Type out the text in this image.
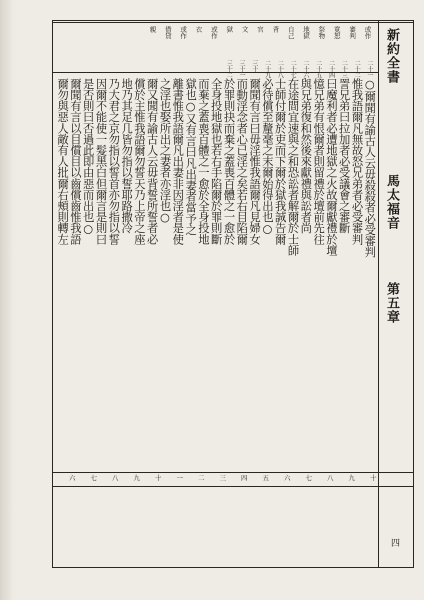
新約全書
馬太福音
第五章
四
或作
審判
寬恕
祭物
地獄
自己
背
官
文
獄
或作
衣
或作
借貸
親
○爾聞有諭古人云毋殺殺者必受審判
二十一
惟我語爾凡無故怒兄弟者必受審判
二十二
詈兄弟曰拉加者必受議會之審斷
二十三
曰魔利者必遭地獄之火故爾獻禮於壇
二十四
憶兄弟有恨爾者則留禮於壇前先往
二十五
與兄弟復和然後來獻禮與訟者尚
二十六
在途間宜速與之和恐訟者解爾於士師
二十七
士師付爾於吏而下爾於獄我誠告爾
二十八
必待償至釐毫之末爾始得出也○
二十九
爾聞有言曰毋淫惟我語爾凡見婦女
三十
而動淫念者心已淫之矣若右目陷爾
三十一
於罪則抉而棄之蓋喪百體之一愈於
三十二
全身投地獄也若右手陷爾於罪則斷
而棄之蓋喪百體之一愈於全身投地
獄也○又有言曰凡出妻者當予之
離書惟我語爾凡出妻非因淫者是使
之淫也娶所出之妻者亦淫也○
爾又聞有諭古人云毋背誓所誓者必
償於主惟我語爾勿誓天乃上帝之座
地乃其足几皆勿指以誓耶路撒冷
乃大君之京勿指以誓首亦勿指以誓
因爾不能使一髮黑白但爾言是則曰
是否則曰否過此即由惡而出也○
爾聞有言以目償目以齒償齒惟我語
爾勿與惡人敵有人批爾右頰則轉左
十
九
八
七
六
五
四
三
二
一
十
九
八
七
六
